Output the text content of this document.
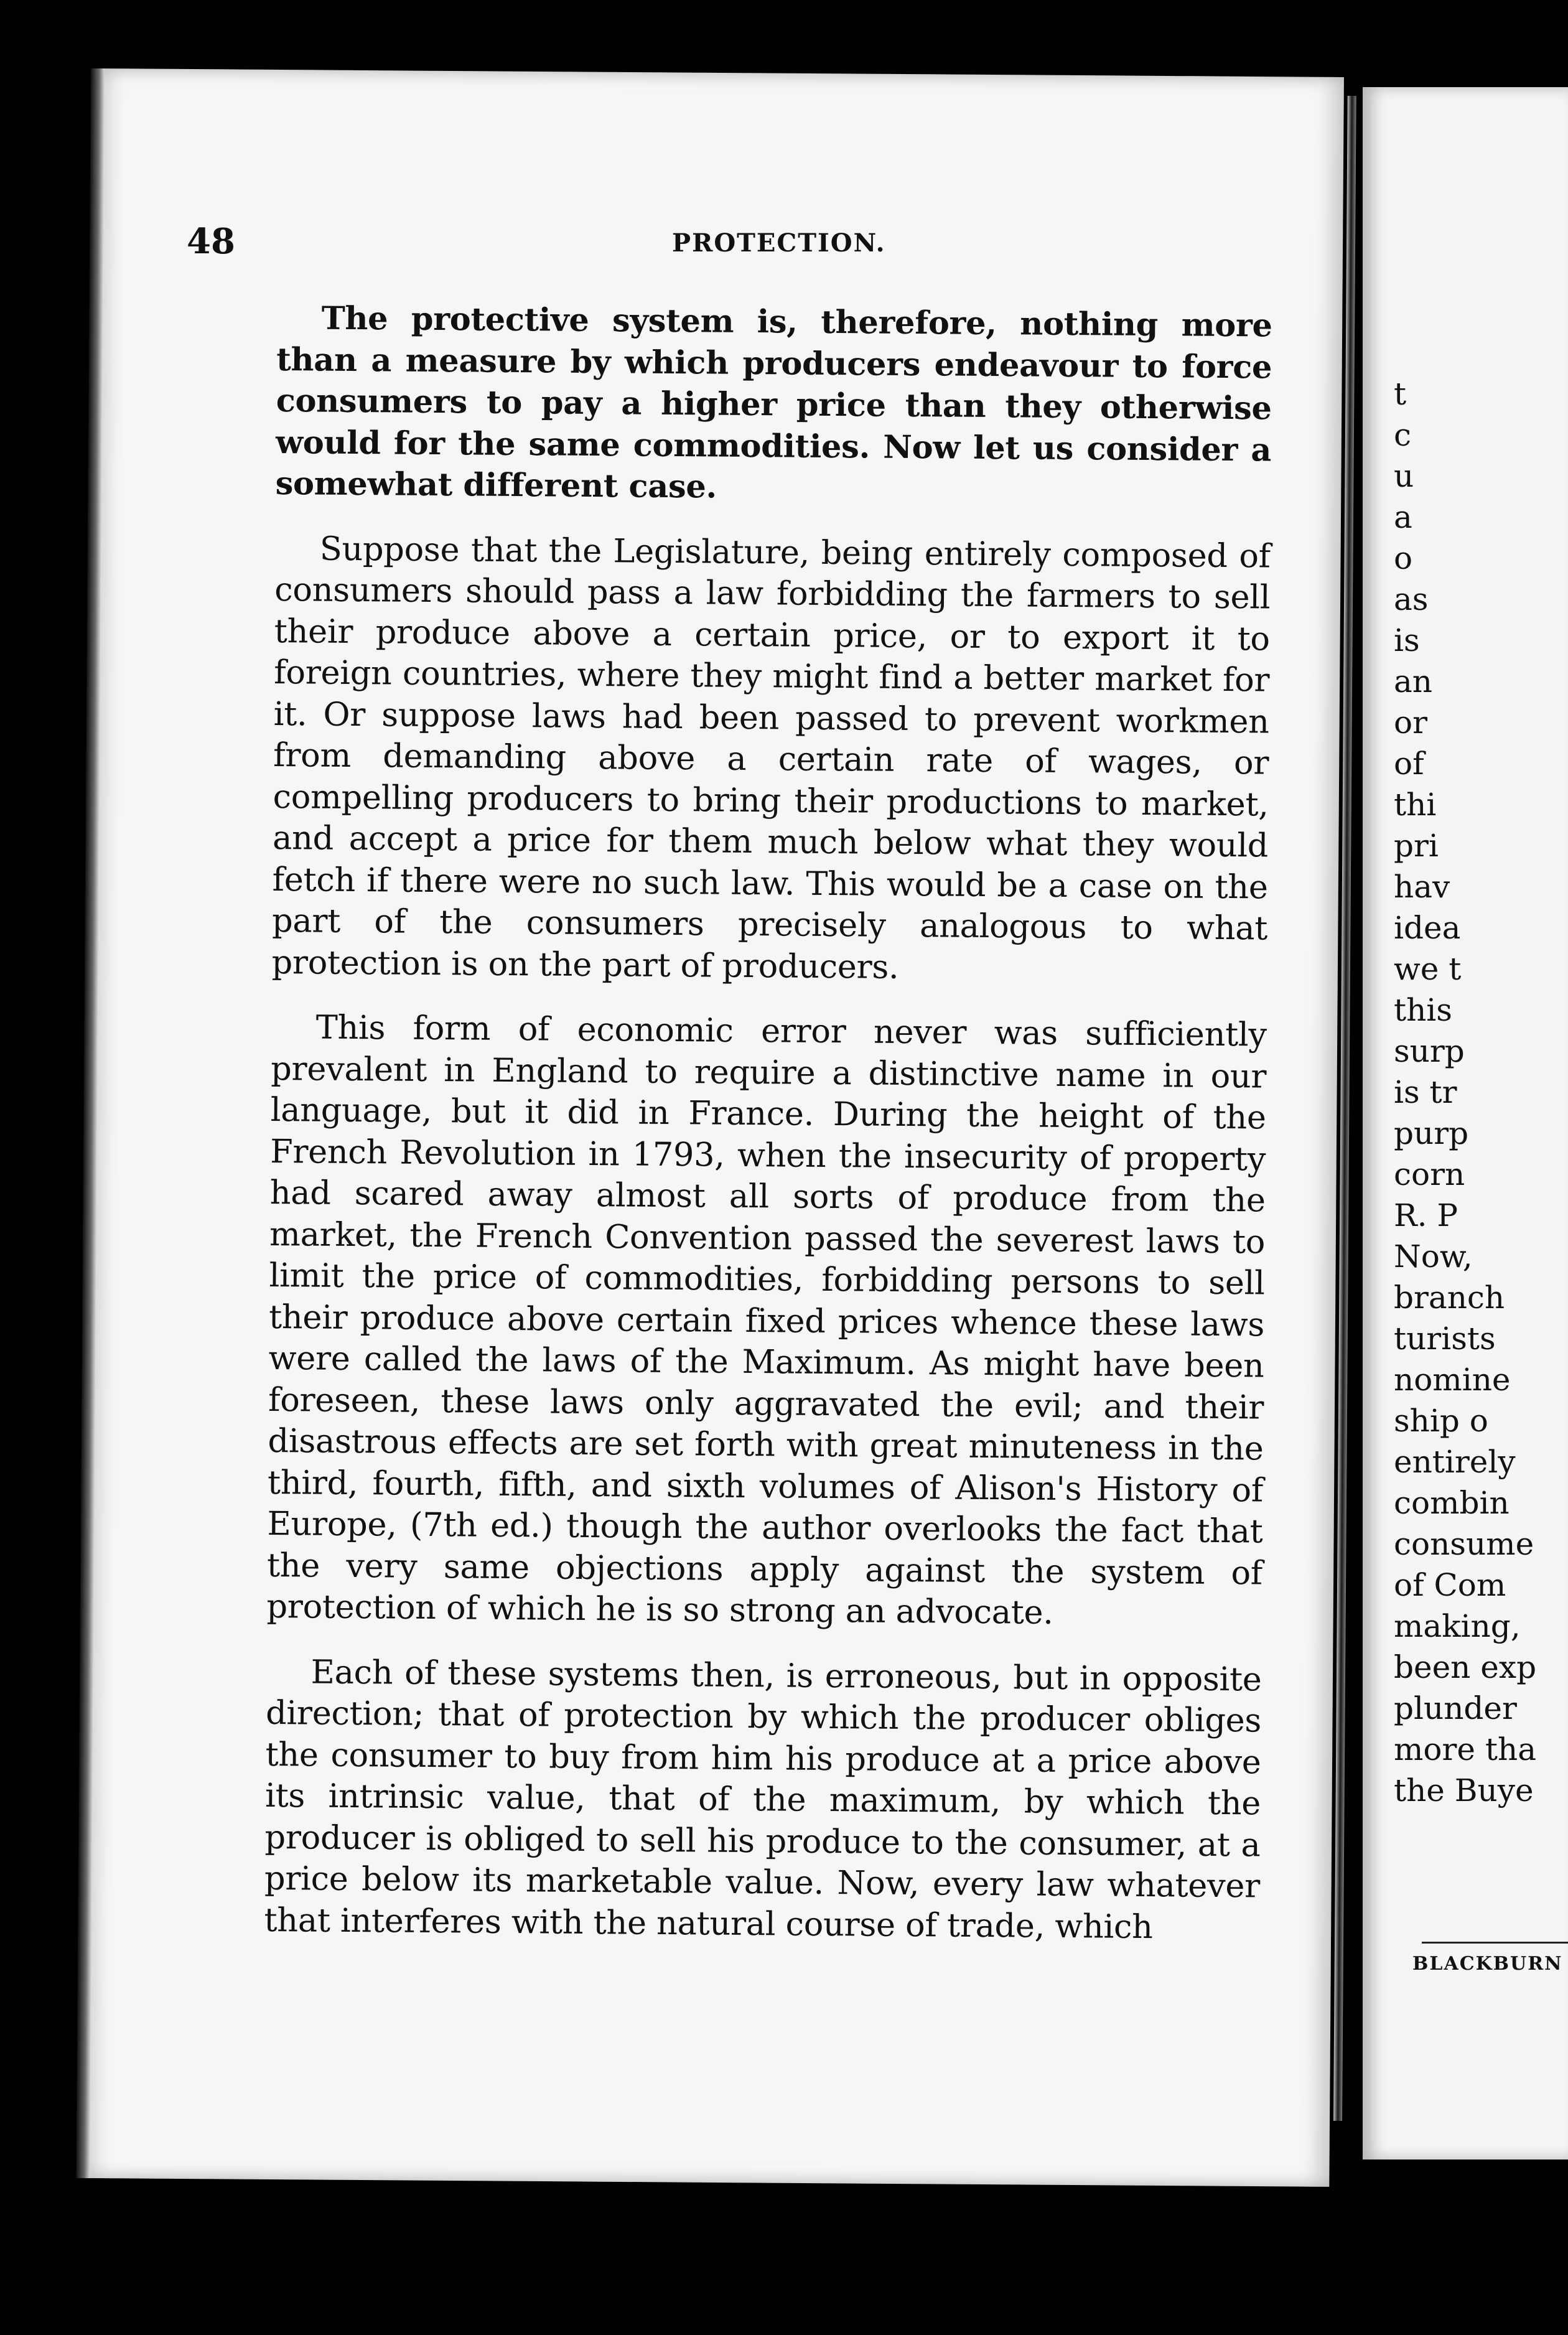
48	PROTECTION.

The protective system is, therefore, nothing more than a measure by which producers endeavour to force consumers to pay a higher price than they otherwise would for the same commodities. Now let us consider a somewhat different case.

Suppose that the Legislature, being entirely composed of consumers should pass a law forbidding the farmers to sell their produce above a certain price, or to export it to foreign countries, where they might find a better market for it. Or suppose laws had been passed to prevent workmen from demanding above a certain rate of wages, or compelling producers to bring their productions to market, and accept a price for them much below what they would fetch if there were no such law. This would be a case on the part of the consumers precisely analogous to what protection is on the part of producers.

This form of economic error never was sufficiently prevalent in England to require a distinctive name in our language, but it did in France. During the height of the French Revolution in 1793, when the insecurity of property had scared away almost all sorts of produce from the market, the French Convention passed the severest laws to limit the price of commodities, forbidding persons to sell their produce above certain fixed prices whence these laws were called the laws of the Maximum. As might have been foreseen, these laws only aggravated the evil; and their disastrous effects are set forth with great minuteness in the third, fourth, fifth, and sixth volumes of Alison's History of Europe, (7th ed.) though the author overlooks the fact that the very same objections apply against the system of protection of which he is so strong an advocate.

Each of these systems then, is erroneous, but in opposite direction; that of protection by which the producer obliges the consumer to buy from him his produce at a price above its intrinsic value, that of the maximum, by which the producer is obliged to sell his produce to the consumer, at a price below its marketable value. Now, every law whatever that interferes with the natural course of trade, which

t
c
u
a
o
as
is
an
or
of
thi
pri
hav
idea
we t
this
surp
is tr
purp
corn
R. P
Now,
branch
turists
nomine
ship o
entirely
combin
consume
of Com
making,
been exp
plunder
more tha
the Buye
BLACKBURN
